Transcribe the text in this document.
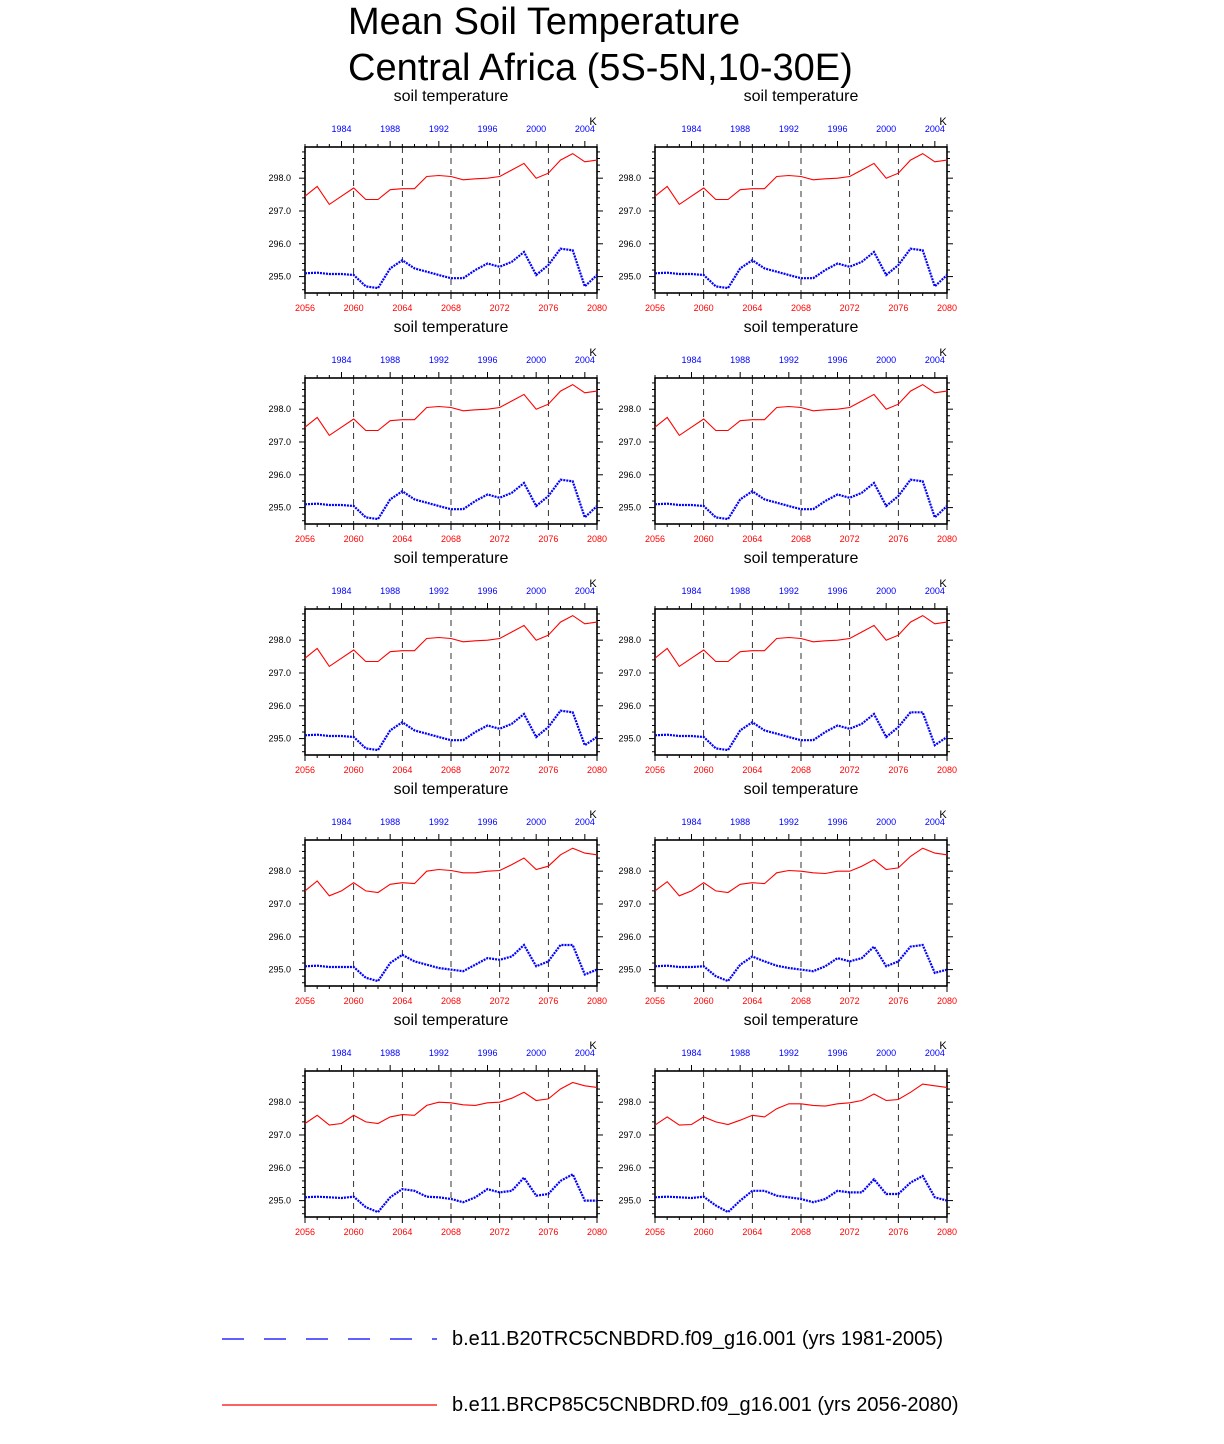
Mean Soil Temperature
Central Africa (5S-5N,10-30E)
soil temperature
K
2056	2060	2064	2068	2072	2076	2080
1984	1988	1992	1996	2000	2004
295.0
296.0
297.0
298.0
soil temperature
K
2056	2060	2064	2068	2072	2076	2080
1984	1988	1992	1996	2000	2004
295.0
296.0
297.0
298.0
soil temperature
K
2056	2060	2064	2068	2072	2076	2080
1984	1988	1992	1996	2000	2004
295.0
296.0
297.0
298.0
soil temperature
K
2056	2060	2064	2068	2072	2076	2080
1984	1988	1992	1996	2000	2004
295.0
296.0
297.0
298.0
soil temperature
K
2056	2060	2064	2068	2072	2076	2080
1984	1988	1992	1996	2000	2004
295.0
296.0
297.0
298.0
soil temperature
K
2056	2060	2064	2068	2072	2076	2080
1984	1988	1992	1996	2000	2004
295.0
296.0
297.0
298.0
soil temperature
K
2056	2060	2064	2068	2072	2076	2080
1984	1988	1992	1996	2000	2004
295.0
296.0
297.0
298.0
soil temperature
K
2056	2060	2064	2068	2072	2076	2080
1984	1988	1992	1996	2000	2004
295.0
296.0
297.0
298.0
soil temperature
K
2056	2060	2064	2068	2072	2076	2080
1984	1988	1992	1996	2000	2004
295.0
296.0
297.0
298.0
soil temperature
K
2056	2060	2064	2068	2072	2076	2080
1984	1988	1992	1996	2000	2004
295.0
296.0
297.0
298.0
b.e11.B20TRC5CNBDRD.f09_g16.001 (yrs 1981-2005)
b.e11.BRCP85C5CNBDRD.f09_g16.001 (yrs 2056-2080)
